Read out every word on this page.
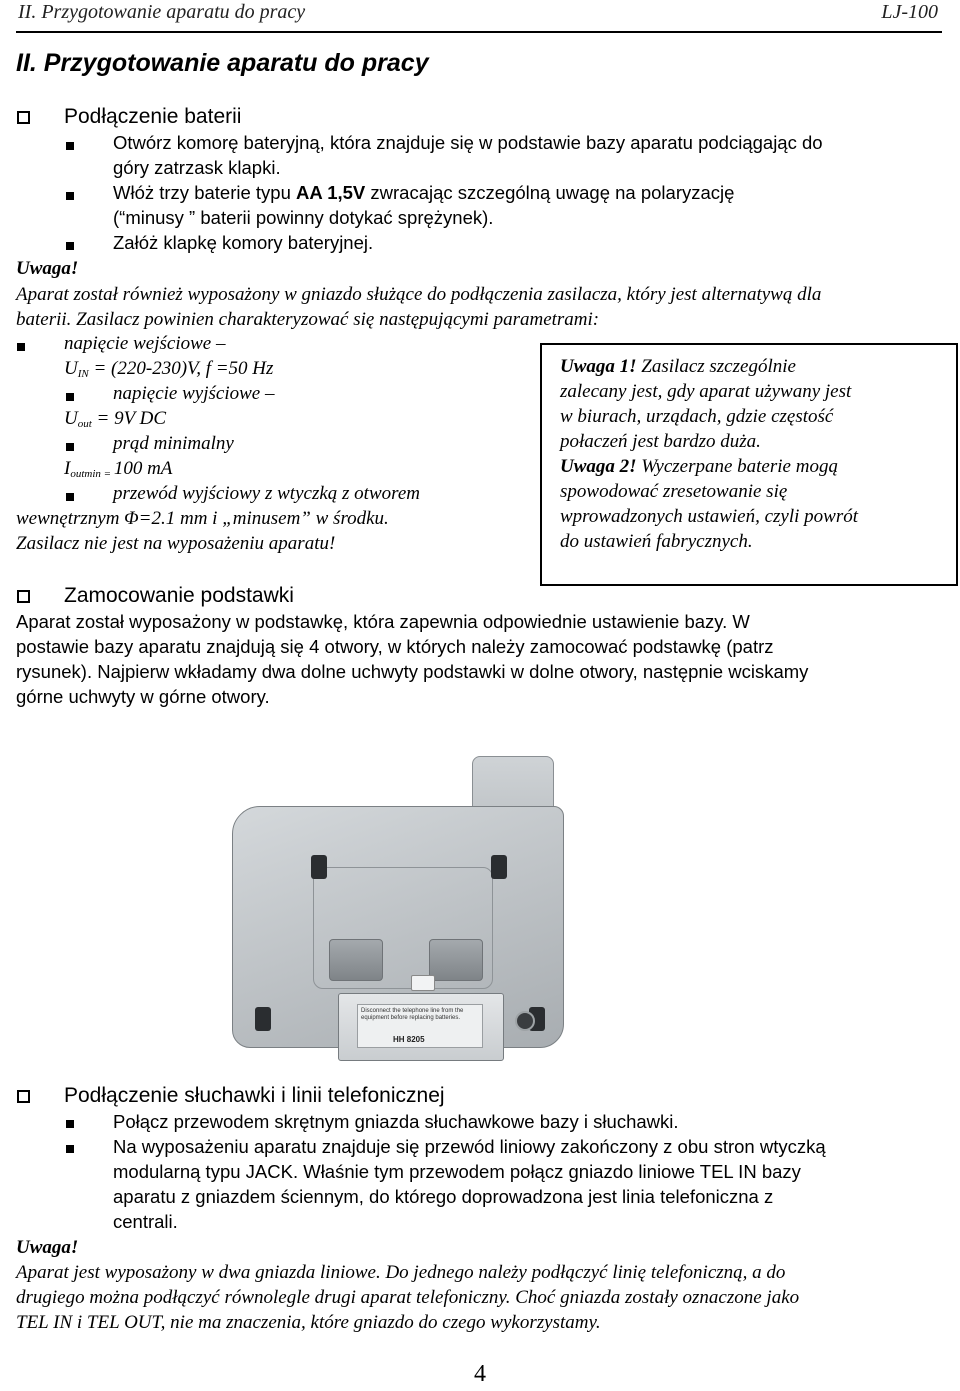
II. Przygotowanie aparatu do pracy	LJ-100

II. Przygotowanie aparatu do pracy

Podłączenie baterii

Otwórz komorę bateryjną, która znajduje się w podstawie bazy aparatu podciągając do

góry zatrzask klapki.

Włóż trzy baterie typu AA 1,5V zwracając szczególną uwagę na polaryzację

(“minusy ” baterii powinny dotykać sprężynek).

Załóż klapkę komory bateryjnej.

Uwaga!

Aparat został również wyposażony w gniazdo służące do podłączenia zasilacza, który jest alternatywą dla

baterii. Zasilacz powinien charakteryzować się następującymi parametrami:

napięcie wejściowe –

$U_{IN} = (220-230)V$, f =50 Hz

napięcie wyjściowe –

$U_{out} = 9V$ DC

prąd minimalny

$I_{outmin =}$ 100 mA

przewód wyjściowy z wtyczką z otworem

wewnętrznym Φ=2.1 mm i „minusem” w środku.

Zasilacz nie jest na wyposażeniu aparatu!

Uwaga 1! Zasilacz szczególnie

zalecany jest, gdy aparat używany jest

w biurach, urządach, gdzie częstość

połaczeń jest bardzo duża.

Uwaga 2! Wyczerpane baterie mogą

spowodować zresetowanie się

wprowadzonych ustawień, czyli powrót

do ustawień fabrycznych.

Zamocowanie podstawki

Aparat został wyposażony w podstawkę, która zapewnia odpowiednie ustawienie bazy. W

postawie bazy aparatu znajdują się 4 otwory, w których należy zamocować podstawkę (patrz

rysunek). Najpierw wkładamy dwa dolne uchwyty podstawki w dolne otwory, następnie wciskamy

górne uchwyty w górne otwory.

Disconnect the telephone line from the equipment before replacing batteries.
HH 8205
Podłączenie słuchawki i linii telefonicznej

Połącz przewodem skrętnym gniazda słuchawkowe bazy i słuchawki.

Na wyposażeniu aparatu znajduje się przewód liniowy zakończony z obu stron wtyczką

modularną typu JACK. Właśnie tym przewodem połącz gniazdo liniowe TEL IN bazy

aparatu z gniazdem ściennym, do którego doprowadzona jest linia telefoniczna z

centrali.

Uwaga!

Aparat jest wyposażony w dwa gniazda liniowe. Do jednego należy podłączyć linię telefoniczną, a do

drugiego można podłączyć równolegle drugi aparat telefoniczny. Choć gniazda zostały oznaczone jako

TEL IN i TEL OUT, nie ma znaczenia, które gniazdo do czego wykorzystamy.

4
